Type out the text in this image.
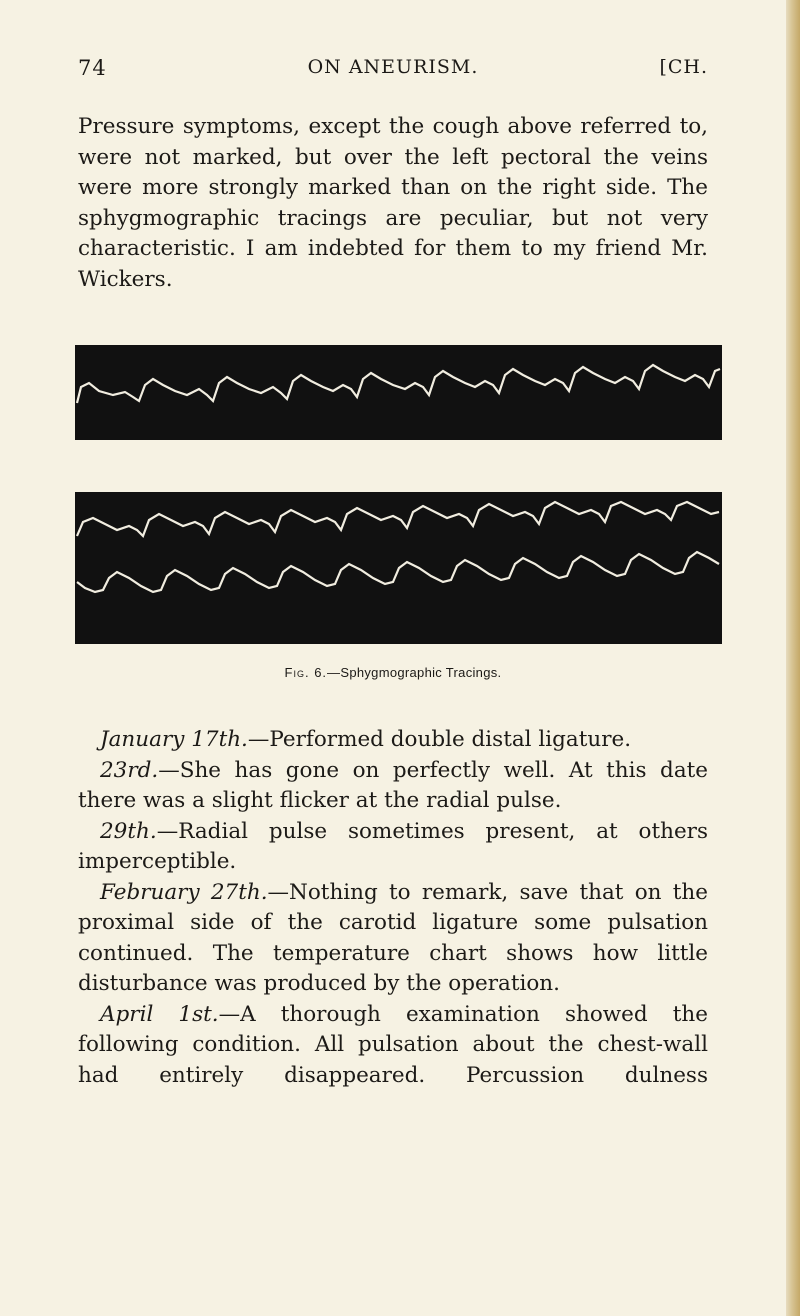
74	ON ANEURISM.	[CH.

Pressure symptoms, except the cough above referred to, were not marked, but over the left pectoral the veins were more strongly marked than on the right side. The sphygmographic tracings are peculiar, but not very characteristic. I am indebted for them to my friend Mr. Wickers.

Fig. 6.—Sphygmographic Tracings.

January 17th.—Performed double distal ligature.

23rd.—She has gone on perfectly well. At this date there was a slight flicker at the radial pulse.

29th.—Radial pulse sometimes present, at others imperceptible.

February 27th.—Nothing to remark, save that on the proximal side of the carotid ligature some pulsation continued. The temperature chart shows how little disturbance was produced by the operation.

April 1st.—A thorough examination showed the following condition. All pulsation about the chest-wall had entirely disappeared. Percussion dulness
